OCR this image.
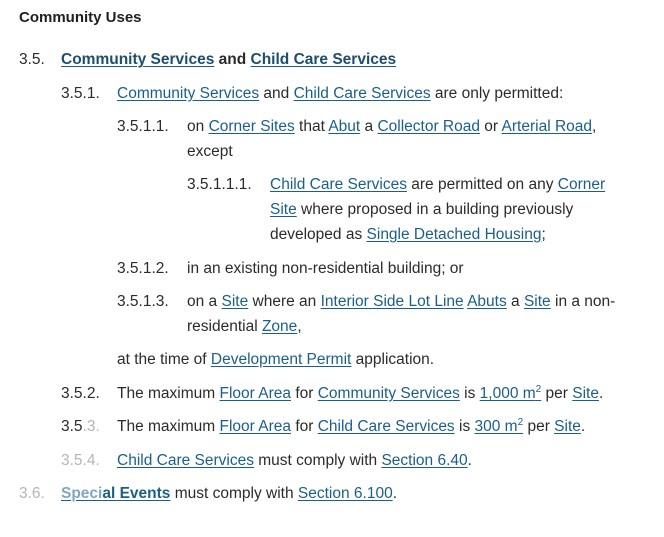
Community Uses
3.5. Community Services and Child Care Services
3.5.1. Community Services and Child Care Services are only permitted:
3.5.1.1. on Corner Sites that Abut a Collector Road or Arterial Road,
except
3.5.1.1.1. Child Care Services are permitted on any Corner
Site where proposed in a building previously
developed as Single Detached Housing;
3.5.1.2. in an existing non-residential building; or
3.5.1.3. on a Site where an Interior Side Lot Line Abuts a Site in a non-
residential Zone,
at the time of Development Permit application.
3.5.2. The maximum Floor Area for Community Services is 1,000 $m^2$ per Site.
3.5.3. The maximum Floor Area for Child Care Services is 300 $m^2$ per Site.
3.5.4. Child Care Services must comply with Section 6.40.
3.6. Special Events must comply with Section 6.100.
